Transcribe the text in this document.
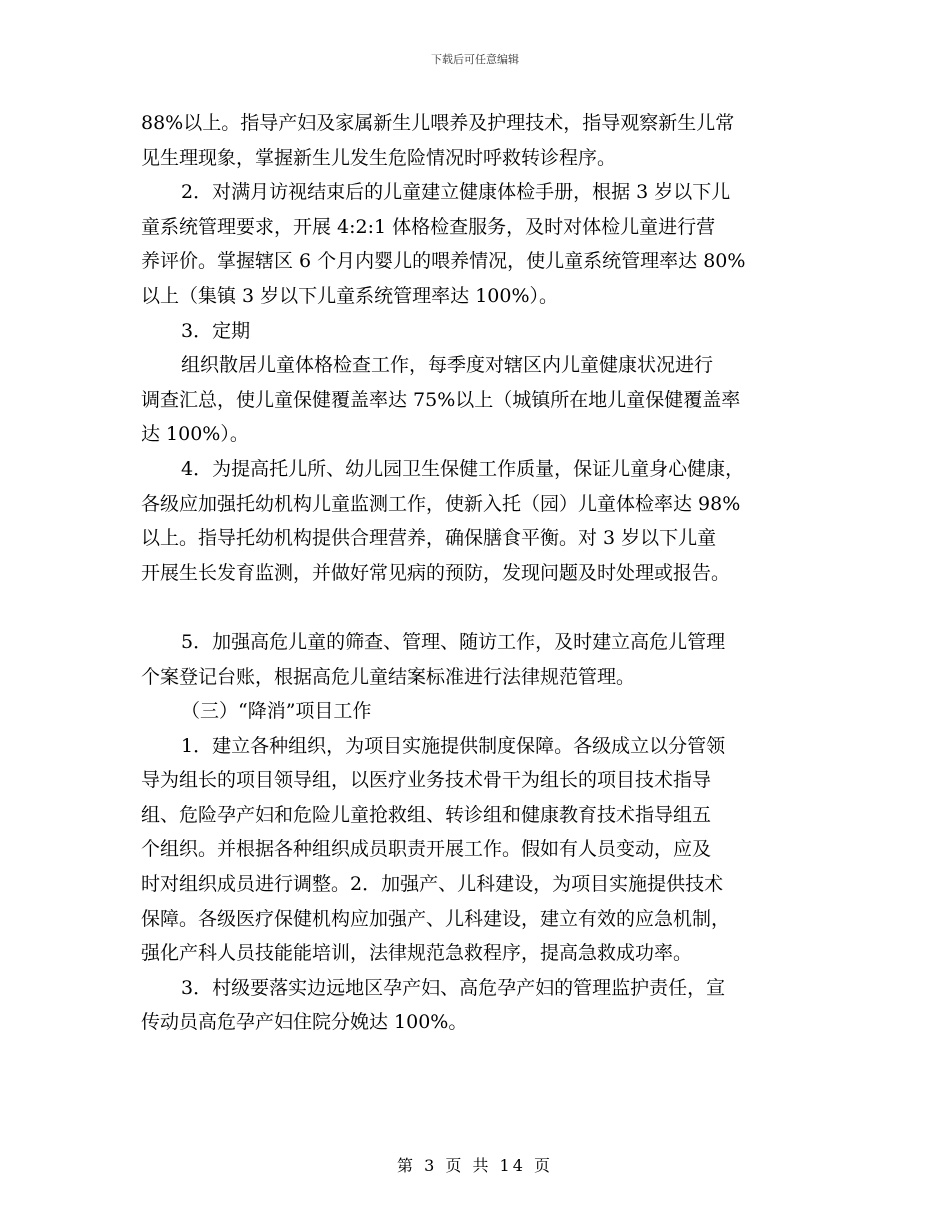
下载后可任意编辑
88%以上。指导产妇及家属新生儿喂养及护理技术，指导观察新生儿常
见生理现象，掌握新生儿发生危险情况时呼救转诊程序。
2．对满月访视结束后的儿童建立健康体检手册，根据 3 岁以下儿
童系统管理要求，开展 4:2:1 体格检查服务，及时对体检儿童进行营
养评价。掌握辖区 6 个月内婴儿的喂养情况，使儿童系统管理率达 80%
以上（集镇 3 岁以下儿童系统管理率达 100%）。
3．定期
组织散居儿童体格检查工作，每季度对辖区内儿童健康状况进行
调查汇总，使儿童保健覆盖率达 75%以上（城镇所在地儿童保健覆盖率
达 100%）。
4．为提高托儿所、幼儿园卫生保健工作质量，保证儿童身心健康，
各级应加强托幼机构儿童监测工作，使新入托（园）儿童体检率达 98%
以上。指导托幼机构提供合理营养，确保膳食平衡。对 3 岁以下儿童
开展生长发育监测，并做好常见病的预防，发现问题及时处理或报告。
5．加强高危儿童的筛查、管理、随访工作，及时建立高危儿管理
个案登记台账，根据高危儿童结案标准进行法律规范管理。
（三）“降消”项目工作
1．建立各种组织，为项目实施提供制度保障。各级成立以分管领
导为组长的项目领导组，以医疗业务技术骨干为组长的项目技术指导
组、危险孕产妇和危险儿童抢救组、转诊组和健康教育技术指导组五
个组织。并根据各种组织成员职责开展工作。假如有人员变动，应及
时对组织成员进行调整。2．加强产、儿科建设，为项目实施提供技术
保障。各级医疗保健机构应加强产、儿科建设，建立有效的应急机制，
强化产科人员技能能培训，法律规范急救程序，提高急救成功率。
3．村级要落实边远地区孕产妇、高危孕产妇的管理监护责任，宣
传动员高危孕产妇住院分娩达 100%。
第 3 页 共 14 页
